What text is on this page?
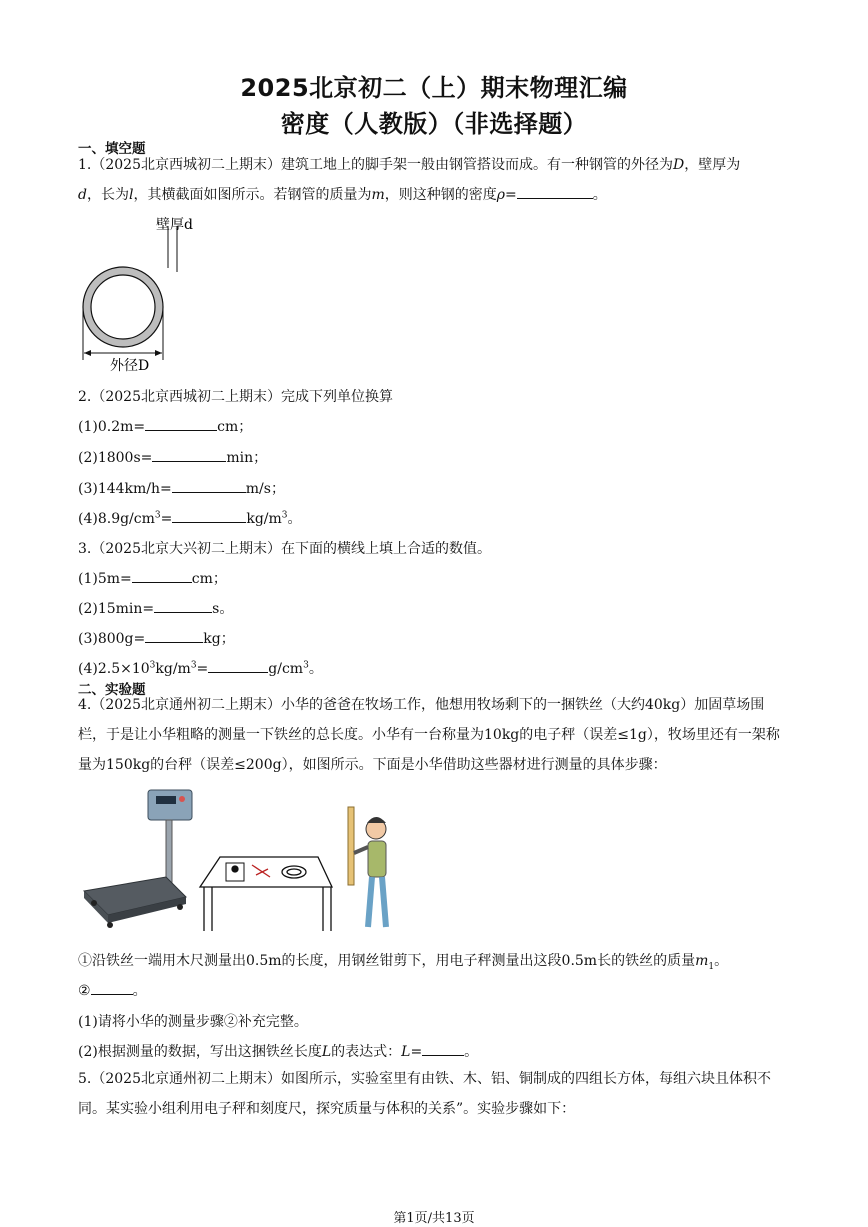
2025北京初二（上）期末物理汇编
密度（人教版）（非选择题）
一、填空题
1.（2025北京西城初二上期末）建筑工地上的脚手架一般由钢管搭设而成。有一种钢管的外径为D，壁厚为
d，长为l，其横截面如图所示。若钢管的质量为m，则这种钢的密度ρ=	。
壁厚d
外径D
2.（2025北京西城初二上期末）完成下列单位换算
(1)0.2m=	cm；
(2)1800s=	min；
(3)144km/h=	m/s；
$(4)8.9g/cm^3=$	$kg/m^3$。
3.（2025北京大兴初二上期末）在下面的横线上填上合适的数值。
(1)5m=	cm；
(2)15min=	s。
(3)800g=	kg；
$(4)2.5\times 10^3kg/m^3=$	$g/cm^3$。
二、实验题
4.（2025北京通州初二上期末）小华的爸爸在牧场工作，他想用牧场剩下的一捆铁丝（大约40kg）加固草场围栏，于是让小华粗略的测量一下铁丝的总长度。小华有一台称量为10kg的电子秤（误差≤1g），牧场里还有一架称量为150kg的台秤（误差≤200g），如图所示。下面是小华借助这些器材进行测量的具体步骤：
①沿铁丝一端用木尺测量出0.5m的长度，用钢丝钳剪下，用电子秤测量出这段0.5m长的铁丝的质量$m_1$。
②	。
(1)请将小华的测量步骤②补充完整。
(2)根据测量的数据，写出这捆铁丝长度L的表达式：L=	。
5.（2025北京通州初二上期末）如图所示，实验室里有由铁、木、铝、铜制成的四组长方体，每组六块且体积不同。某实验小组利用电子秤和刻度尺，探究质量与体积的关系”。实验步骤如下：
第1页/共13页
